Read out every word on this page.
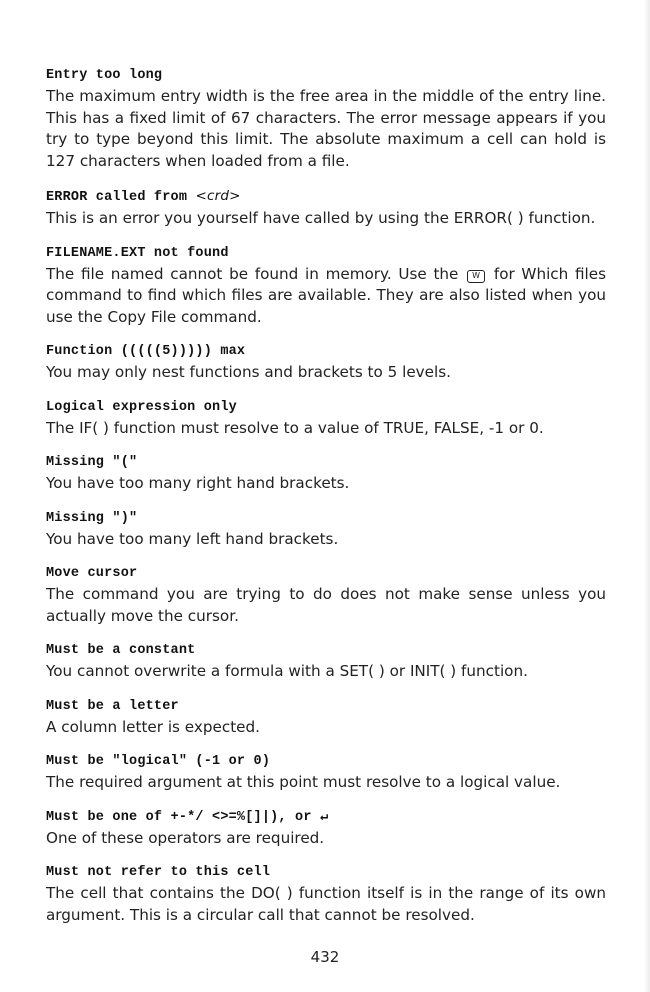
Entry too long
The maximum entry width is the free area in the middle of the entry line. This has a fixed limit of 67 characters. The error message appears if you try to type beyond this limit. The absolute maximum a cell can hold is 127 characters when loaded from a file.
ERROR called from <crd>
This is an error you yourself have called by using the ERROR( ) function.
FILENAME.EXT not found
The file named cannot be found in memory. Use the W for Which files command to find which files are available. They are also listed when you use the Copy File command.
Function (((((5))))) max
You may only nest functions and brackets to 5 levels.
Logical expression only
The IF( ) function must resolve to a value of TRUE, FALSE, -1 or 0.
Missing "("
You have too many right hand brackets.
Missing ")"
You have too many left hand brackets.
Move cursor
The command you are trying to do does not make sense unless you actually move the cursor.
Must be a constant
You cannot overwrite a formula with a SET( ) or INIT( ) function.
Must be a letter
A column letter is expected.
Must be "logical" (-1 or 0)
The required argument at this point must resolve to a logical value.
Must be one of +-*/ <>=%[]|), or ↵
One of these operators are required.
Must not refer to this cell
The cell that contains the DO( ) function itself is in the range of its own argument. This is a circular call that cannot be resolved.
432
